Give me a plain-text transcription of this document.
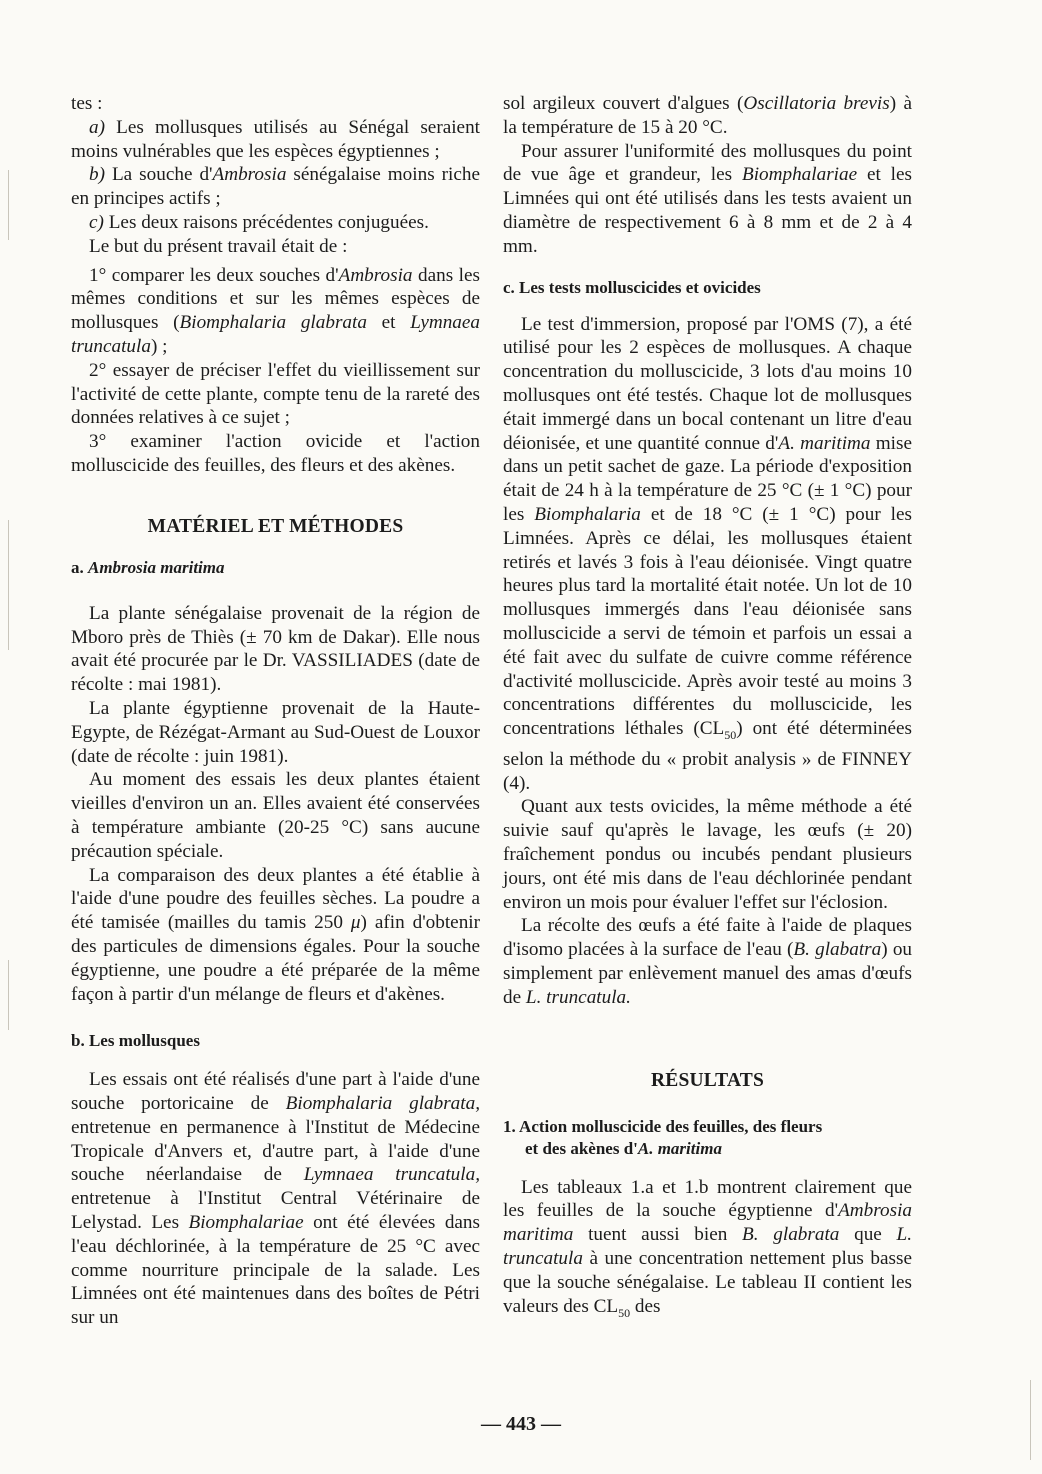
tes :

a) Les mollusques utilisés au Sénégal seraient moins vulnérables que les espèces égyptiennes ;

b) La souche d'Ambrosia sénégalaise moins riche en principes actifs ;

c) Les deux raisons précédentes conjuguées.

Le but du présent travail était de :

1° comparer les deux souches d'Ambrosia dans les mêmes conditions et sur les mêmes espèces de mollusques (Biomphalaria glabrata et Lymnaea truncatula) ;

2° essayer de préciser l'effet du vieillissement sur l'activité de cette plante, compte tenu de la rareté des données relatives à ce sujet ;

3° examiner l'action ovicide et l'action molluscicide des feuilles, des fleurs et des akènes.

MATÉRIEL ET MÉTHODES
a. Ambrosia maritima

La plante sénégalaise provenait de la région de Mboro près de Thiès (± 70 km de Dakar). Elle nous avait été procurée par le Dr. VASSILIADES (date de récolte : mai 1981).

La plante égyptienne provenait de la Haute-Egypte, de Rézégat-Armant au Sud-Ouest de Louxor (date de récolte : juin 1981).

Au moment des essais les deux plantes étaient vieilles d'environ un an. Elles avaient été conservées à température ambiante (20-25 °C) sans aucune précaution spéciale.

La comparaison des deux plantes a été établie à l'aide d'une poudre des feuilles sèches. La poudre a été tamisée (mailles du tamis 250 μ) afin d'obtenir des particules de dimensions égales. Pour la souche égyptienne, une poudre a été préparée de la même façon à partir d'un mélange de fleurs et d'akènes.

b. Les mollusques

Les essais ont été réalisés d'une part à l'aide d'une souche portoricaine de Biomphalaria glabrata, entretenue en permanence à l'Institut de Médecine Tropicale d'Anvers et, d'autre part, à l'aide d'une souche néerlandaise de Lymnaea truncatula, entretenue à l'Institut Central Vétérinaire de Lelystad. Les Biomphalariae ont été élevées dans l'eau déchlorinée, à la température de 25 °C avec comme nourriture principale de la salade. Les Limnées ont été maintenues dans des boîtes de Pétri sur un

sol argileux couvert d'algues (Oscillatoria brevis) à la température de 15 à 20 °C.

Pour assurer l'uniformité des mollusques du point de vue âge et grandeur, les Biomphalariae et les Limnées qui ont été utilisés dans les tests avaient un diamètre de respectivement 6 à 8 mm et de 2 à 4 mm.

c. Les tests molluscicides et ovicides

Le test d'immersion, proposé par l'OMS (7), a été utilisé pour les 2 espèces de mollusques. A chaque concentration du molluscicide, 3 lots d'au moins 10 mollusques ont été testés. Chaque lot de mollusques était immergé dans un bocal contenant un litre d'eau déionisée, et une quantité connue d'A. maritima mise dans un petit sachet de gaze. La période d'exposition était de 24 h à la température de 25 °C (± 1 °C) pour les Biomphalaria et de 18 °C (± 1 °C) pour les Limnées. Après ce délai, les mollusques étaient retirés et lavés 3 fois à l'eau déionisée. Vingt quatre heures plus tard la mortalité était notée. Un lot de 10 mollusques immergés dans l'eau déionisée sans molluscicide a servi de témoin et parfois un essai a été fait avec du sulfate de cuivre comme référence d'activité molluscicide. Après avoir testé au moins 3 concentrations différentes du molluscicide, les concentrations léthales $(CL_{50})$ ont été déterminées selon la méthode du « probit analysis » de FINNEY (4).

Quant aux tests ovicides, la même méthode a été suivie sauf qu'après le lavage, les œufs (± 20) fraîchement pondus ou incubés pendant plusieurs jours, ont été mis dans de l'eau déchlorinée pendant environ un mois pour évaluer l'effet sur l'éclosion.

La récolte des œufs a été faite à l'aide de plaques d'isomo placées à la surface de l'eau (B. glabatra) ou simplement par enlèvement manuel des amas d'œufs de L. truncatula.

RÉSULTATS
1. Action molluscicide des feuilles, des fleurs
et des akènes d'A. maritima

Les tableaux 1.a et 1.b montrent clairement que les feuilles de la souche égyptienne d'Ambrosia maritima tuent aussi bien B. glabrata que L. truncatula à une concentration nettement plus basse que la souche sénégalaise. Le tableau II contient les valeurs des $CL_{50}$ des

— 443 —
